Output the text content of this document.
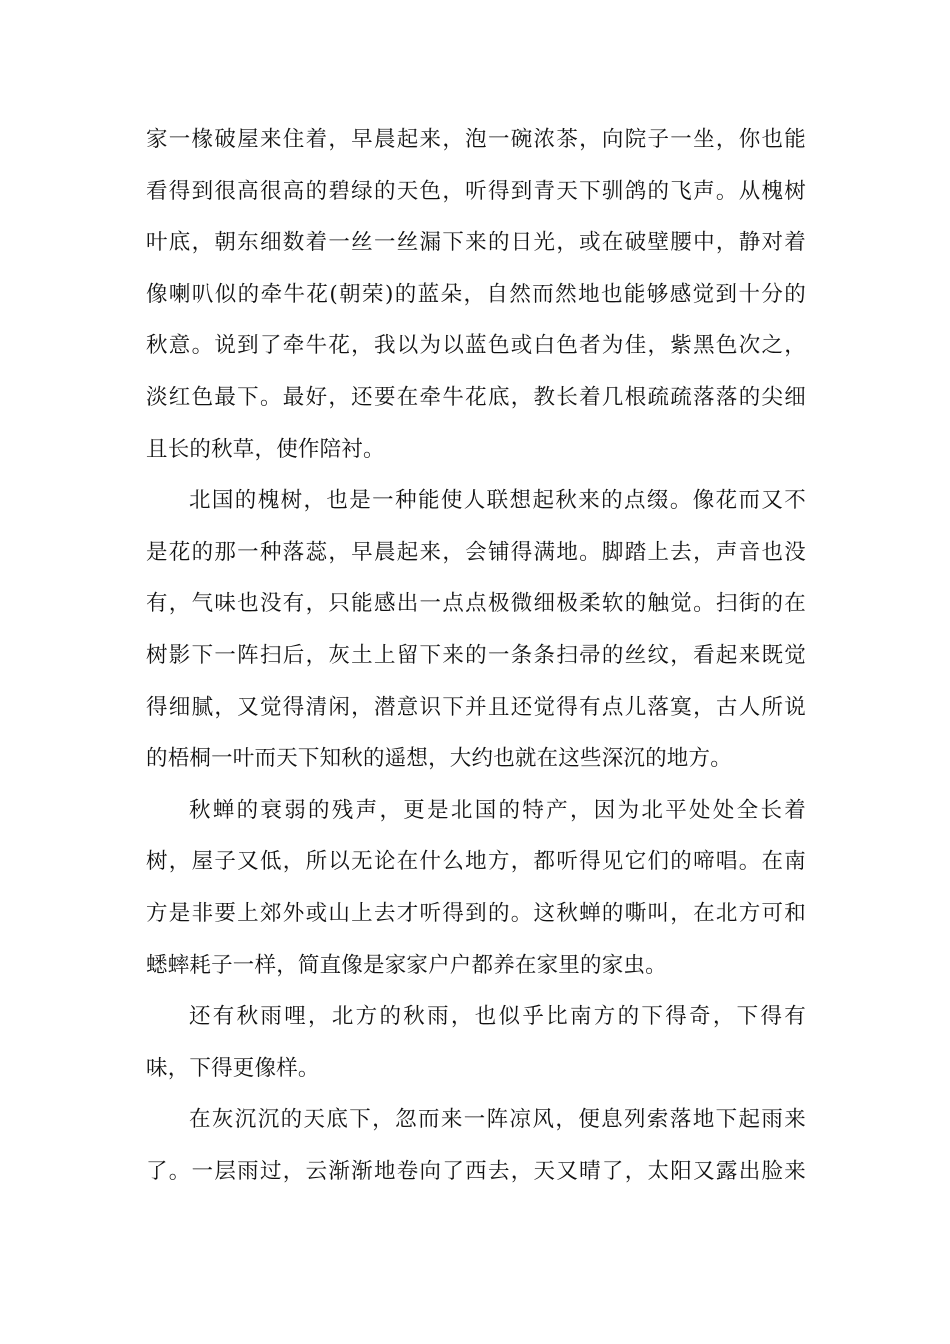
家一椽破屋来住着，早晨起来，泡一碗浓茶，向院子一坐，你也能
看得到很高很高的碧绿的天色，听得到青天下驯鸽的飞声。从槐树
叶底，朝东细数着一丝一丝漏下来的日光，或在破壁腰中，静对着
像喇叭似的牵牛花(朝荣)的蓝朵，自然而然地也能够感觉到十分的
秋意。说到了牵牛花，我以为以蓝色或白色者为佳，紫黑色次之，
淡红色最下。最好，还要在牵牛花底，教长着几根疏疏落落的尖细
且长的秋草，使作陪衬。
北国的槐树，也是一种能使人联想起秋来的点缀。像花而又不
是花的那一种落蕊，早晨起来，会铺得满地。脚踏上去，声音也没
有，气味也没有，只能感出一点点极微细极柔软的触觉。扫街的在
树影下一阵扫后，灰土上留下来的一条条扫帚的丝纹，看起来既觉
得细腻，又觉得清闲，潜意识下并且还觉得有点儿落寞，古人所说
的梧桐一叶而天下知秋的遥想，大约也就在这些深沉的地方。
秋蝉的衰弱的残声，更是北国的特产，因为北平处处全长着
树，屋子又低，所以无论在什么地方，都听得见它们的啼唱。在南
方是非要上郊外或山上去才听得到的。这秋蝉的嘶叫，在北方可和
蟋蟀耗子一样，简直像是家家户户都养在家里的家虫。
还有秋雨哩，北方的秋雨，也似乎比南方的下得奇，下得有
味，下得更像样。
在灰沉沉的天底下，忽而来一阵凉风，便息列索落地下起雨来
了。一层雨过，云渐渐地卷向了西去，天又晴了，太阳又露出脸来
